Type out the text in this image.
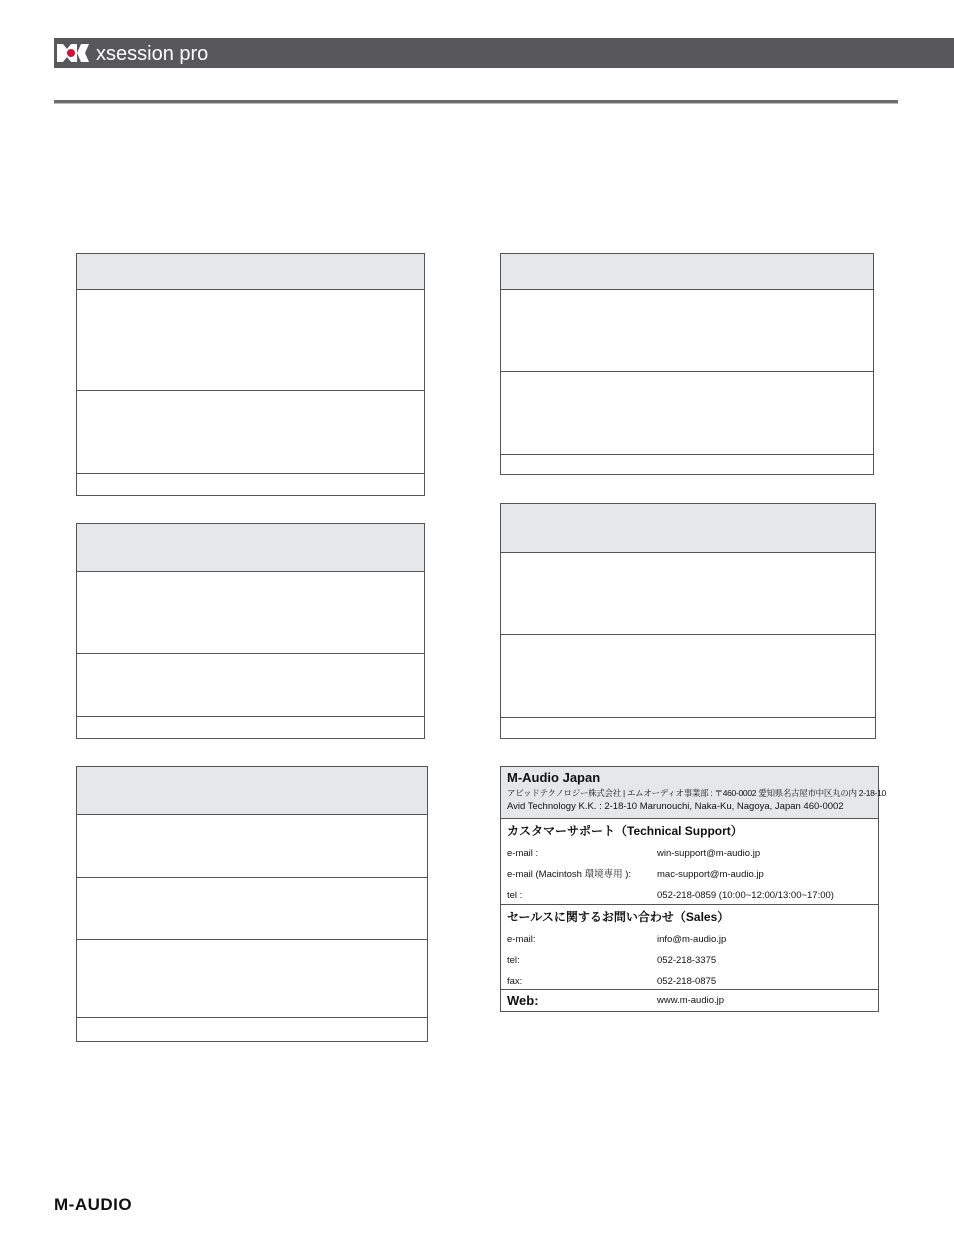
xsession pro
M-Audio Japan
アビッドテクノロジー株式会社 | エムオーディオ事業部 : 〒460-0002 愛知県名古屋市中区丸の内 2-18-10
Avid Technology K.K. : 2-18-10 Marunouchi, Naka-Ku, Nagoya, Japan 460-0002
カスタマーサポート（Technical Support）
e-mail :	win-support@m-audio.jp
e-mail (Macintosh 環境専用 ):	mac-support@m-audio.jp
tel :	052-218-0859 (10:00~12:00/13:00~17:00)
セールスに関するお問い合わせ（Sales）
e-mail:	info@m-audio.jp
tel:	052-218-3375
fax:	052-218-0875
Web:	www.m-audio.jp
M-AUDIO
